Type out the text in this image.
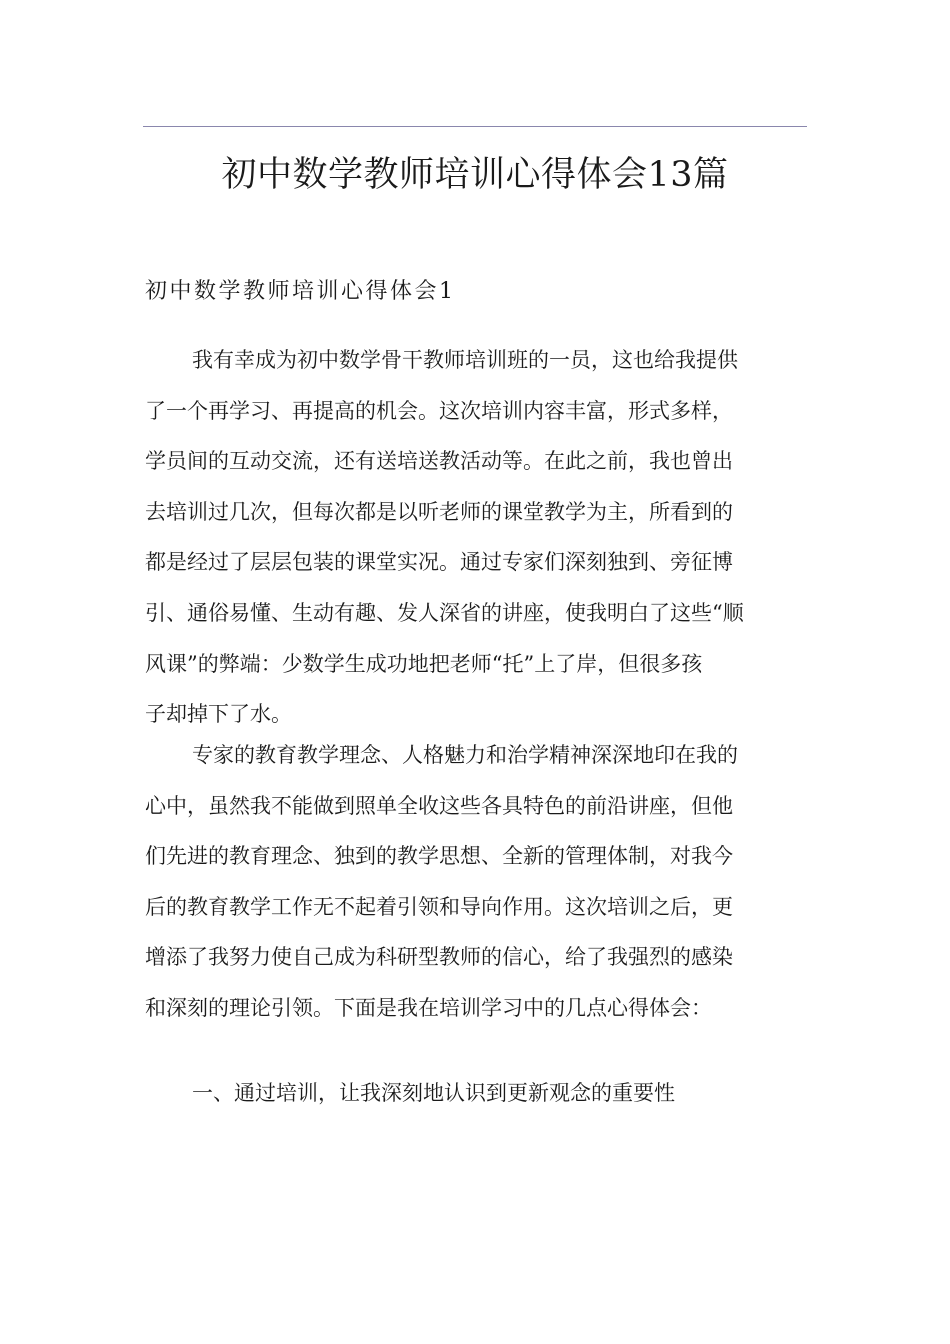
初中数学教师培训心得体会13篇
初中数学教师培训心得体会1
我有幸成为初中数学骨干教师培训班的一员，这也给我提供
了一个再学习、再提高的机会。这次培训内容丰富，形式多样，
学员间的互动交流，还有送培送教活动等。在此之前，我也曾出
去培训过几次，但每次都是以听老师的课堂教学为主，所看到的
都是经过了层层包装的课堂实况。通过专家们深刻独到、旁征博
引、通俗易懂、生动有趣、发人深省的讲座，使我明白了这些“顺
风课”的弊端：少数学生成功地把老师“托”上了岸，但很多孩
子却掉下了水。
专家的教育教学理念、人格魅力和治学精神深深地印在我的
心中，虽然我不能做到照单全收这些各具特色的前沿讲座，但他
们先进的教育理念、独到的教学思想、全新的管理体制，对我今
后的教育教学工作无不起着引领和导向作用。这次培训之后，更
增添了我努力使自己成为科研型教师的信心，给了我强烈的感染
和深刻的理论引领。下面是我在培训学习中的几点心得体会：
一、通过培训，让我深刻地认识到更新观念的重要性
